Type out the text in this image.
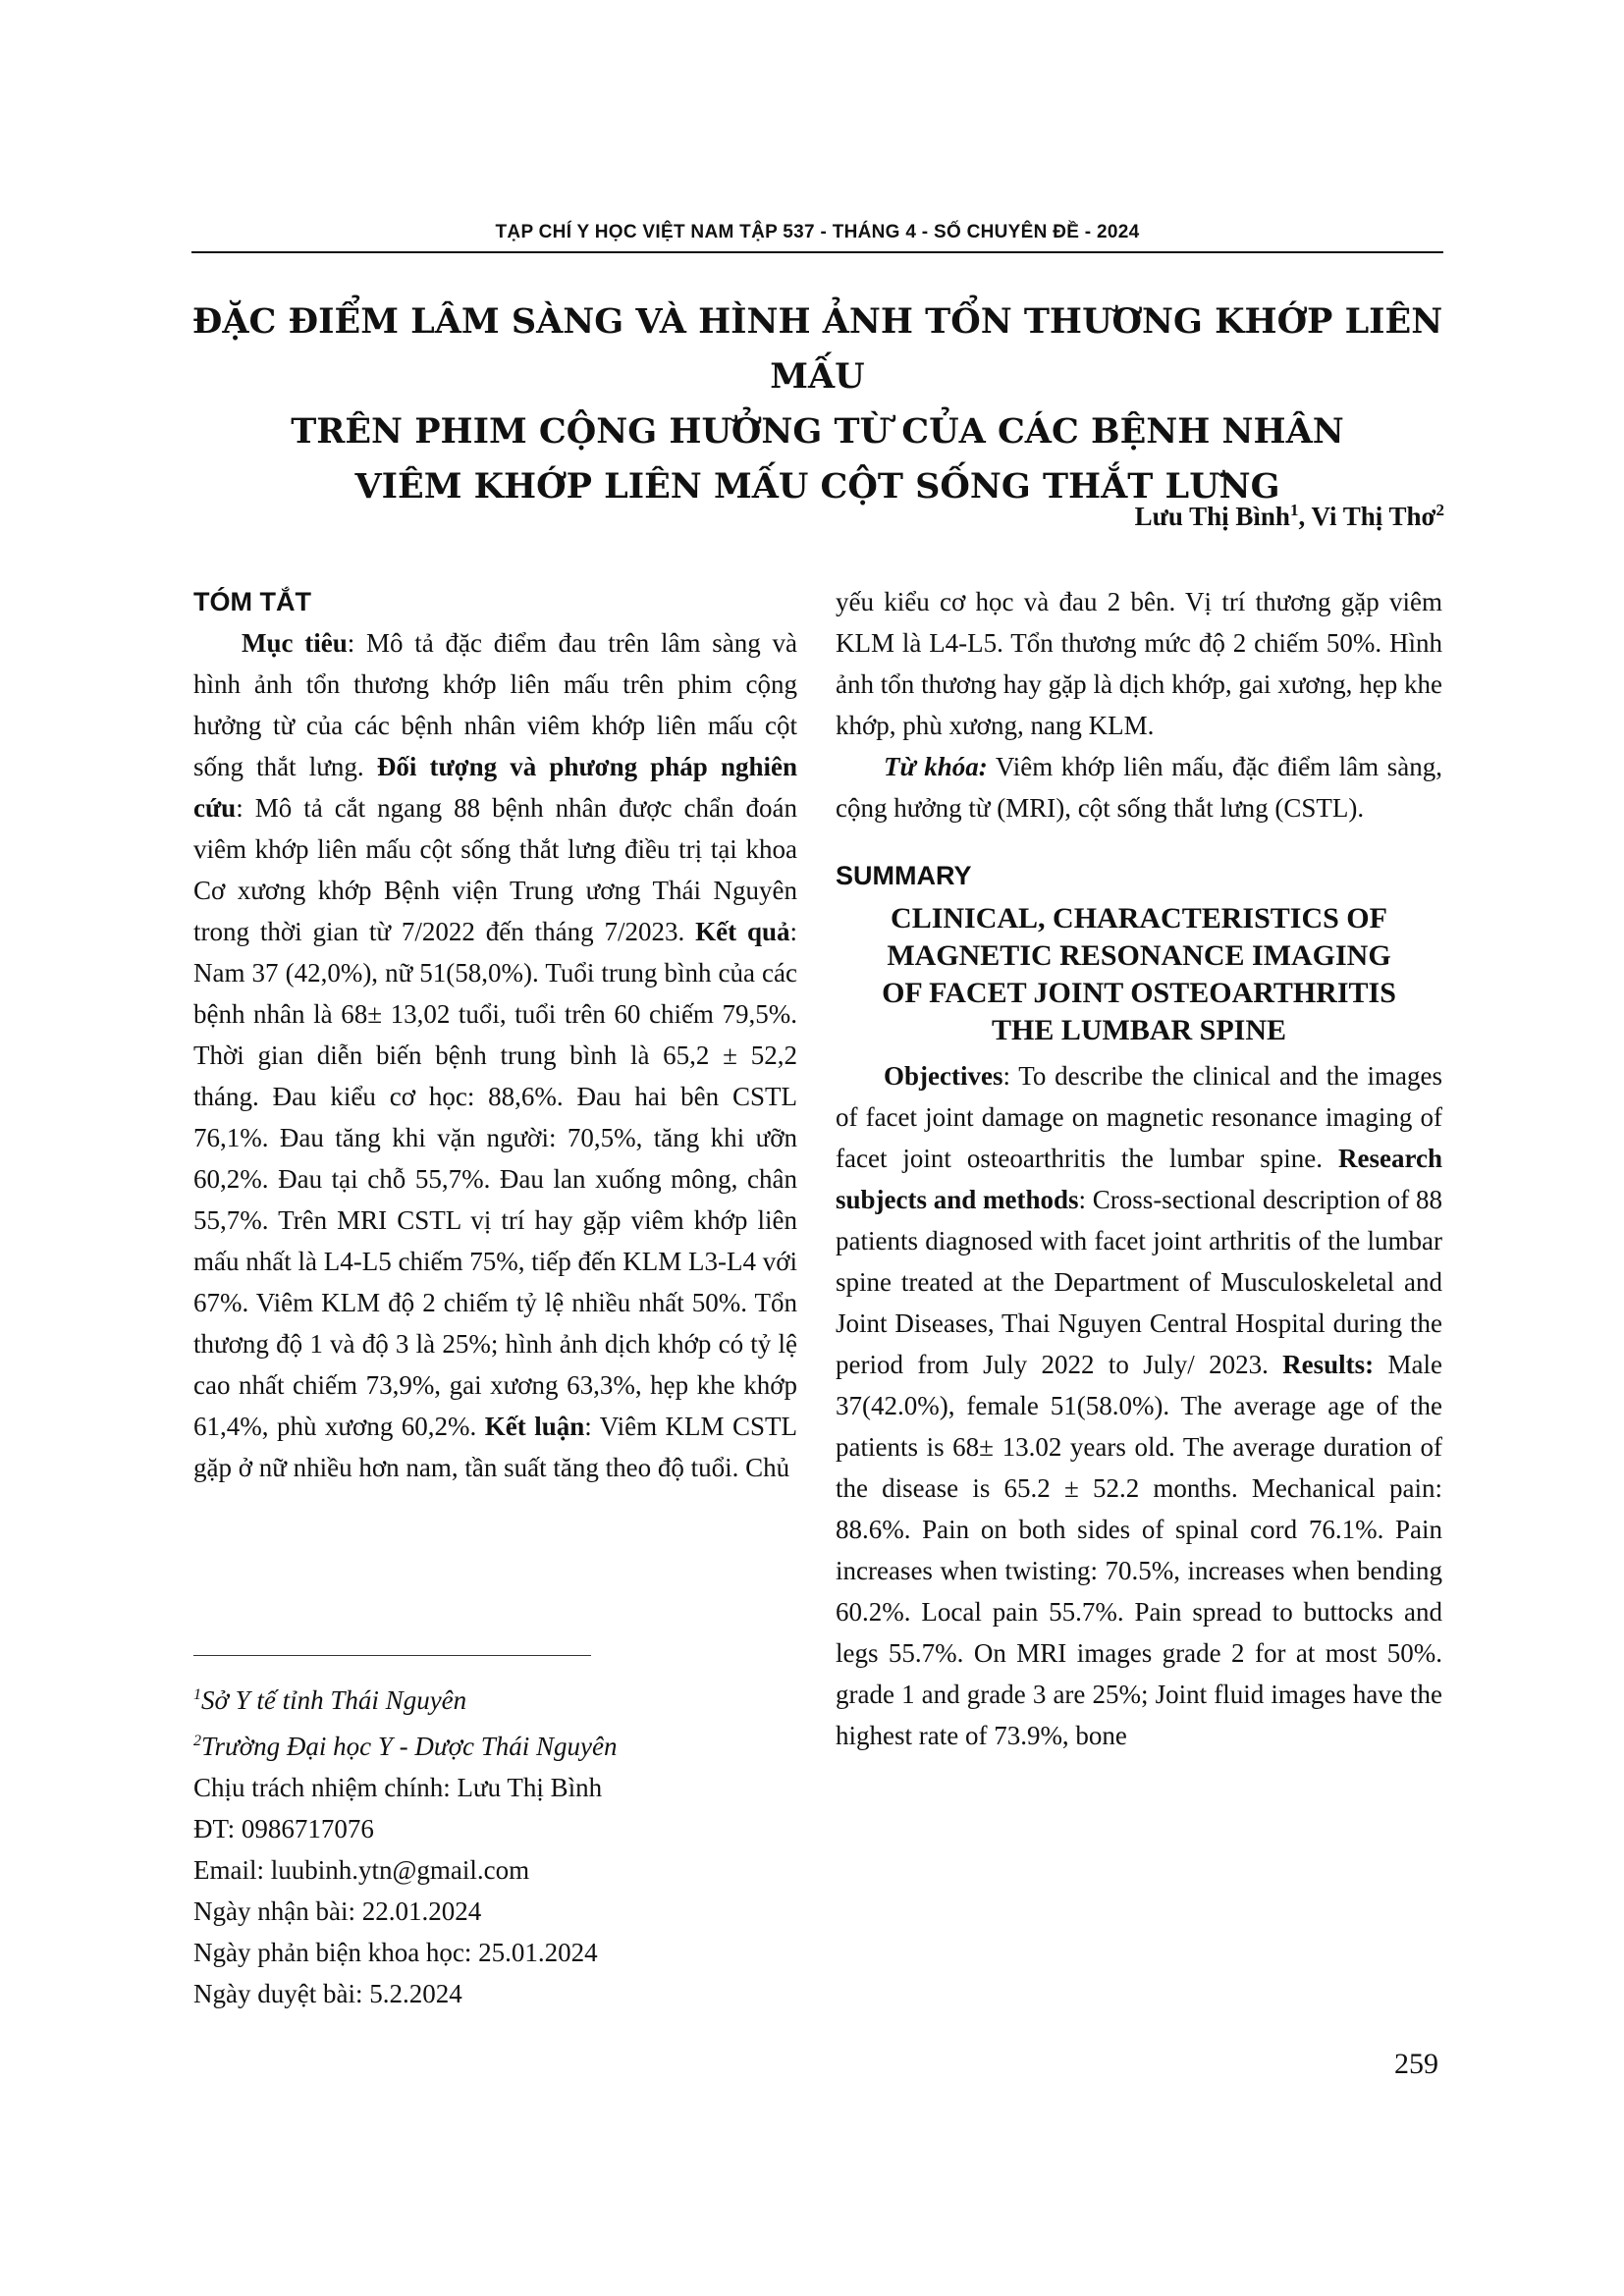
TẠP CHÍ Y HỌC VIỆT NAM TẬP 537 - THÁNG 4 - SỐ CHUYÊN ĐỀ - 2024
ĐẶC ĐIỂM LÂM SÀNG VÀ HÌNH ẢNH TỔN THƯƠNG KHỚP LIÊN MẤU
TRÊN PHIM CỘNG HƯỞNG TỪ CỦA CÁC BỆNH NHÂN
VIÊM KHỚP LIÊN MẤU CỘT SỐNG THẮT LƯNG
Lưu Thị Bình$^1$, Vi Thị Thơ$^2$

TÓM TẮT

Mục tiêu: Mô tả đặc điểm đau trên lâm sàng và hình ảnh tổn thương khớp liên mấu trên phim cộng hưởng từ của các bệnh nhân viêm khớp liên mấu cột sống thắt lưng. Đối tượng và phương pháp nghiên cứu: Mô tả cắt ngang 88 bệnh nhân được chẩn đoán viêm khớp liên mấu cột sống thắt lưng điều trị tại khoa Cơ xương khớp Bệnh viện Trung ương Thái Nguyên trong thời gian từ 7/2022 đến tháng 7/2023. Kết quả: Nam 37 (42,0%), nữ 51(58,0%). Tuổi trung bình của các bệnh nhân là 68± 13,02 tuổi, tuổi trên 60 chiếm 79,5%. Thời gian diễn biến bệnh trung bình là 65,2 ± 52,2 tháng. Đau kiểu cơ học: 88,6%. Đau hai bên CSTL 76,1%. Đau tăng khi vặn người: 70,5%, tăng khi ưỡn 60,2%. Đau tại chỗ 55,7%. Đau lan xuống mông, chân 55,7%. Trên MRI CSTL vị trí hay gặp viêm khớp liên mấu nhất là L4-L5 chiếm 75%, tiếp đến KLM L3-L4 với 67%. Viêm KLM độ 2 chiếm tỷ lệ nhiều nhất 50%. Tổn thương độ 1 và độ 3 là 25%; hình ảnh dịch khớp có tỷ lệ cao nhất chiếm 73,9%, gai xương 63,3%, hẹp khe khớp 61,4%, phù xương 60,2%. Kết luận: Viêm KLM CSTL gặp ở nữ nhiều hơn nam, tần suất tăng theo độ tuổi. Chủ

$^1$Sở Y tế tỉnh Thái Nguyên
$^2$Trường Đại học Y - Dược Thái Nguyên
Chịu trách nhiệm chính: Lưu Thị Bình
ĐT: 0986717076
Email: luubinh.ytn@gmail.com
Ngày nhận bài: 22.01.2024
Ngày phản biện khoa học: 25.01.2024
Ngày duyệt bài: 5.2.2024

yếu kiểu cơ học và đau 2 bên. Vị trí thương gặp viêm KLM là L4-L5. Tổn thương mức độ 2 chiếm 50%. Hình ảnh tổn thương hay gặp là dịch khớp, gai xương, hẹp khe khớp, phù xương, nang KLM.

Từ khóa: Viêm khớp liên mấu, đặc điểm lâm sàng, cộng hưởng từ (MRI), cột sống thắt lưng (CSTL).

SUMMARY

CLINICAL, CHARACTERISTICS OF
MAGNETIC RESONANCE IMAGING
OF FACET JOINT OSTEOARTHRITIS
THE LUMBAR SPINE

Objectives: To describe the clinical and the images of facet joint damage on magnetic resonance imaging of facet joint osteoarthritis the lumbar spine. Research subjects and methods: Cross-sectional description of 88 patients diagnosed with facet joint arthritis of the lumbar spine treated at the Department of Musculoskeletal and Joint Diseases, Thai Nguyen Central Hospital during the period from July 2022 to July/ 2023. Results: Male 37(42.0%), female 51(58.0%). The average age of the patients is 68± 13.02 years old. The average duration of the disease is 65.2 ± 52.2 months. Mechanical pain: 88.6%. Pain on both sides of spinal cord 76.1%. Pain increases when twisting: 70.5%, increases when bending 60.2%. Local pain 55.7%. Pain spread to buttocks and legs 55.7%. On MRI images grade 2 for at most 50%. grade 1 and grade 3 are 25%; Joint fluid images have the highest rate of 73.9%, bone

259
